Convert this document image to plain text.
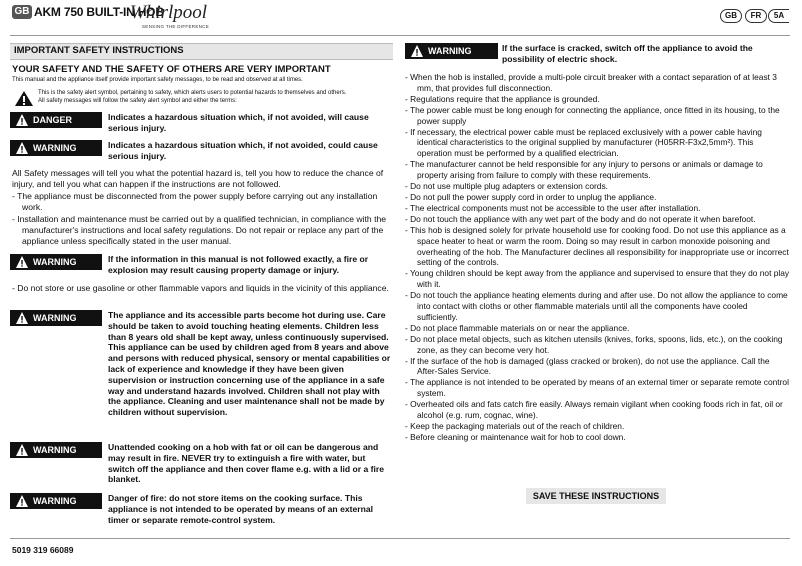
GB AKM 750 BUILT-IN HOB
Whirlpool
SENSING THE DIFFERENCE
GB	FR	5A
IMPORTANT SAFETY INSTRUCTIONS
YOUR SAFETY AND THE SAFETY OF OTHERS ARE VERY IMPORTANT
This manual and the appliance itself provide important safety messages, to be read and observed at all times.

This is the safety alert symbol, pertaining to safety, which alerts users to potential hazards to themselves and others.

All safety messages will follow the safety alert symbol and either the terms:

DANGER	Indicates a hazardous situation which, if not avoided, will cause serious injury.
WARNING	Indicates a hazardous situation which, if not avoided, could cause serious injury.
All Safety messages will tell you what the potential hazard is, tell you how to reduce the chance of injury, and tell you what can happen if the instructions are not followed.
- The appliance must be disconnected from the power supply before carrying out any installation work.
- Installation and maintenance must be carried out by a qualified technician, in compliance with the manufacturer's instructions and local safety regulations. Do not repair or replace any part of the appliance unless specifically stated in the user manual.
WARNING	If the information in this manual is not followed exactly, a fire or explosion may result causing property damage or injury.
- Do not store or use gasoline or other flammable vapors and liquids in the vicinity of this appliance.
WARNING	The appliance and its accessible parts become hot during use. Care should be taken to avoid touching heating elements. Children less than 8 years old shall be kept away, unless continuously supervised.

This appliance can be used by children aged from 8 years and above and persons with reduced physical, sensory or mental capabilities or lack of experience and knowledge if they have been given supervision or instruction concerning use of the appliance in a safe way and understand hazards involved. Children shall not play with the appliance. Cleaning and user maintenance shall not be made by children without supervision.

WARNING	Unattended cooking on a hob with fat or oil can be dangerous and may result in fire. NEVER try to extinguish a fire with water, but switch off the appliance and then cover flame e.g. with a lid or a fire blanket.
WARNING	Danger of fire: do not store items on the cooking surface. This appliance is not intended to be operated by means of an external timer or separate remote-control system.
WARNING	If the surface is cracked, switch off the appliance to avoid the possibility of electric shock.

- When the hob is installed, provide a multi-pole circuit breaker with a contact separation of at least 3 mm, that provides full disconnection.

- Regulations require that the appliance is grounded.

- The power cable must be long enough for connecting the appliance, once fitted in its housing, to the power supply

- If necessary, the electrical power cable must be replaced exclusively with a power cable having identical characteristics to the original supplied by manufacturer (H05RR-F3x2,5mm²). This operation must be performed by a qualified electrician.

- The manufacturer cannot be held responsible for any injury to persons or animals or damage to property arising from failure to comply with these requirements.

- Do not use multiple plug adapters or extension cords.

- Do not pull the power supply cord in order to unplug the appliance.

- The electrical components must not be accessible to the user after installation.

- Do not touch the appliance with any wet part of the body and do not operate it when barefoot.

- This hob is designed solely for private household use for cooking food. Do not use this appliance as a space heater to heat or warm the room. Doing so may result in carbon monoxide poisoning and overheating of the hob. The Manufacturer declines all responsibility for inappropriate use or incorrect setting of the controls.

- Young children should be kept away from the appliance and supervised to ensure that they do not play with it.

- Do not touch the appliance heating elements during and after use. Do not allow the appliance to come into contact with cloths or other flammable materials until all the components have cooled sufficiently.

- Do not place flammable materials on or near the appliance.

- Do not place metal objects, such as kitchen utensils (knives, forks, spoons, lids, etc.), on the cooking zone, as they can become very hot.

- If the surface of the hob is damaged (glass cracked or broken), do not use the appliance. Call the After-Sales Service.

- The appliance is not intended to be operated by means of an external timer or separate remote control system.

- Overheated oils and fats catch fire easily. Always remain vigilant when cooking foods rich in fat, oil or alcohol (e.g. rum, cognac, wine).

- Keep the packaging materials out of the reach of children.

- Before cleaning or maintenance wait for hob to cool down.

SAVE THESE INSTRUCTIONS
5019 319 66089
